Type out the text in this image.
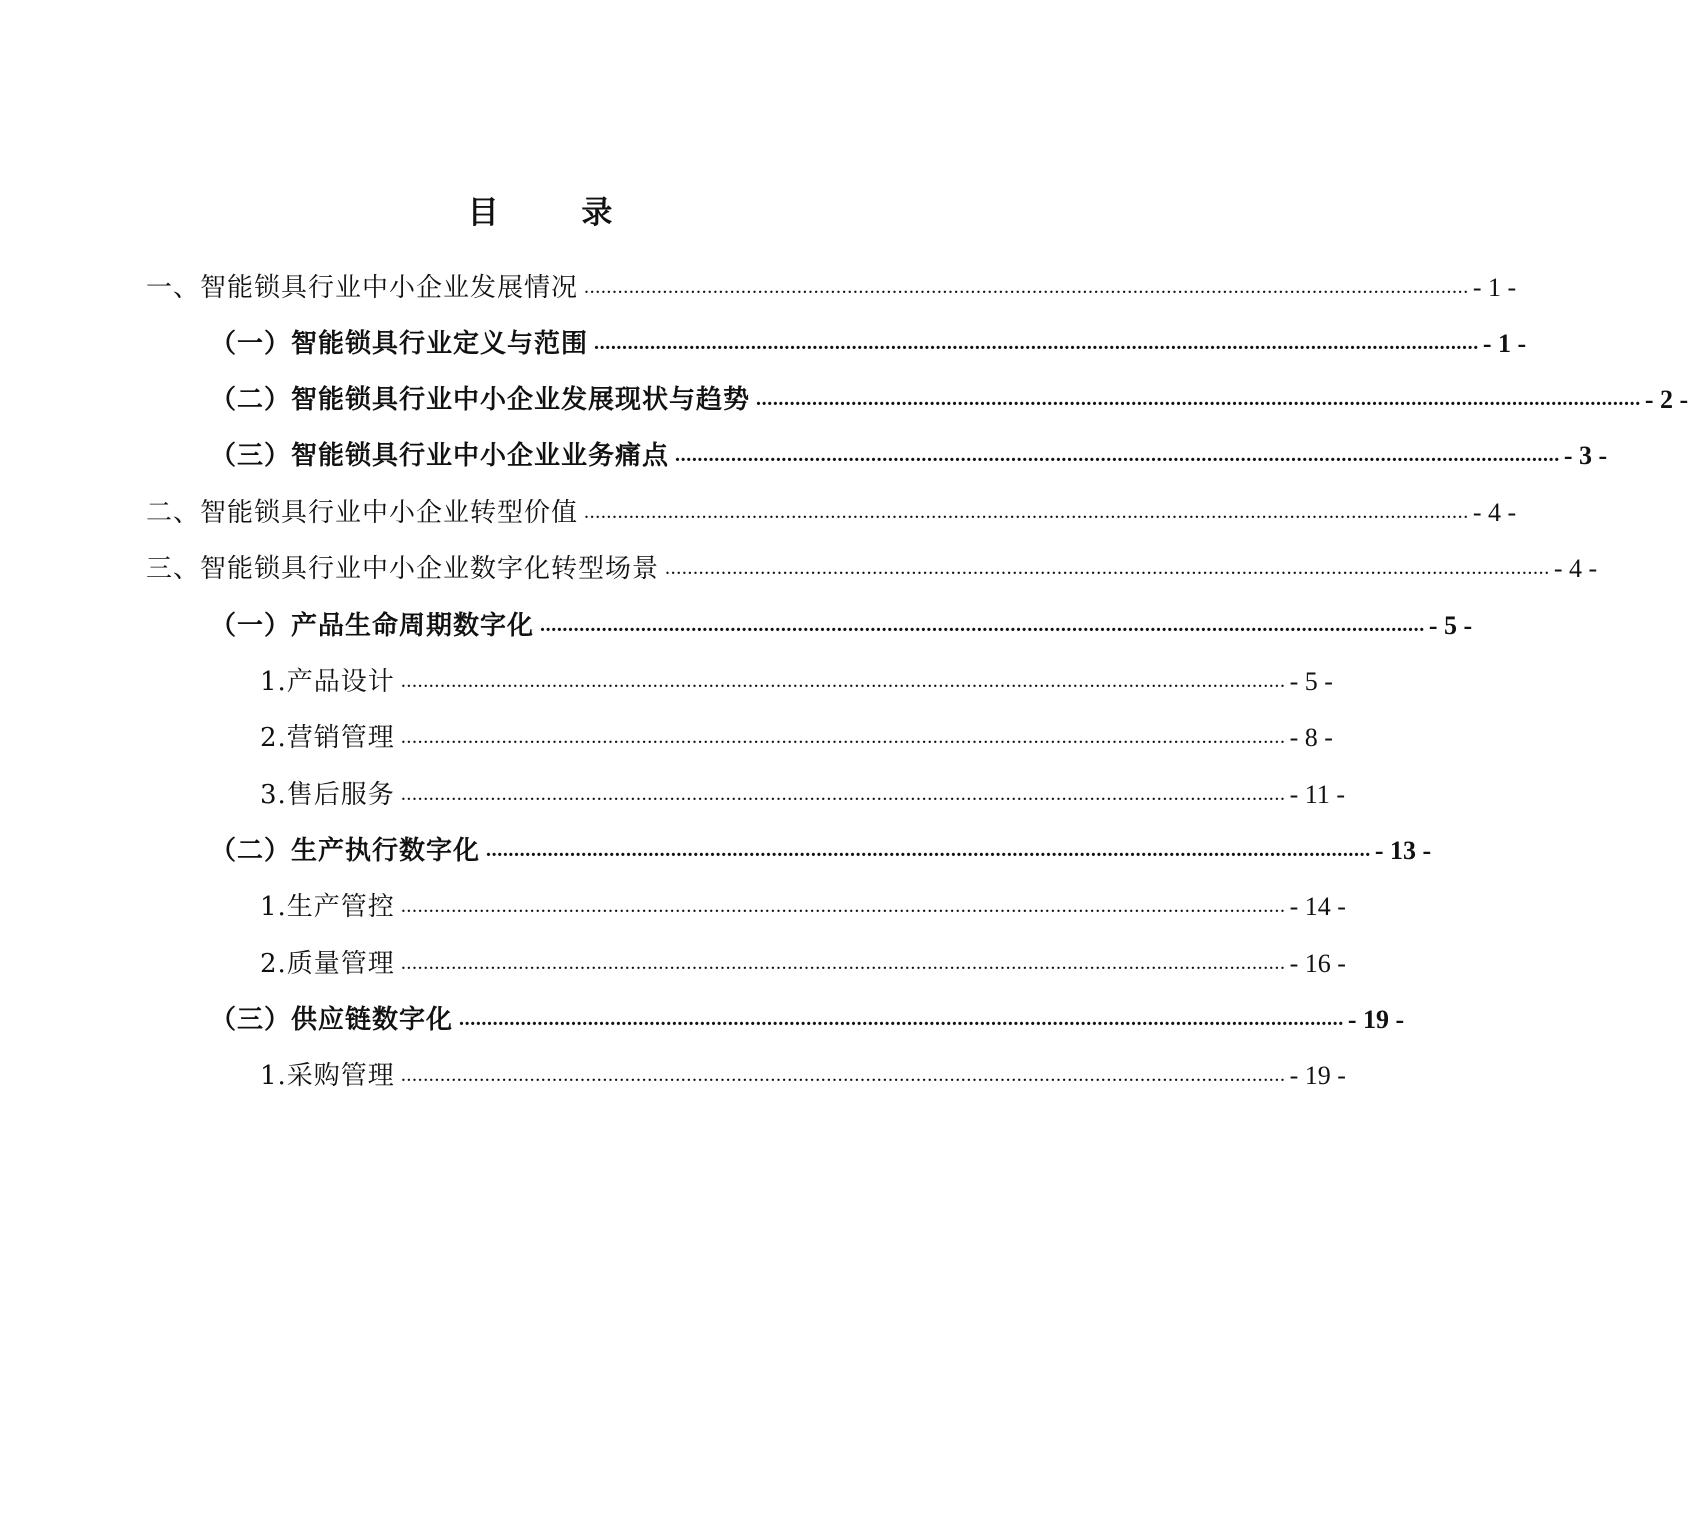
目 录
一、智能锁具行业中小企业发展情况 .............................................................................................................................................................. - 1 -
（一）智能锁具行业定义与范围 .............................................................................................................................................................. - 1 -
（二）智能锁具行业中小企业发展现状与趋势 .............................................................................................................................................................. - 2 -
（三）智能锁具行业中小企业业务痛点 .............................................................................................................................................................. - 3 -
二、智能锁具行业中小企业转型价值 .............................................................................................................................................................. - 4 -
三、智能锁具行业中小企业数字化转型场景 .............................................................................................................................................................. - 4 -
（一）产品生命周期数字化 .............................................................................................................................................................. - 5 -
1.产品设计 .............................................................................................................................................................. - 5 -
2.营销管理 .............................................................................................................................................................. - 8 -
3.售后服务 .............................................................................................................................................................. - 11 -
（二）生产执行数字化 .............................................................................................................................................................. - 13 -
1.生产管控 .............................................................................................................................................................. - 14 -
2.质量管理 .............................................................................................................................................................. - 16 -
（三）供应链数字化 .............................................................................................................................................................. - 19 -
1.采购管理 .............................................................................................................................................................. - 19 -
